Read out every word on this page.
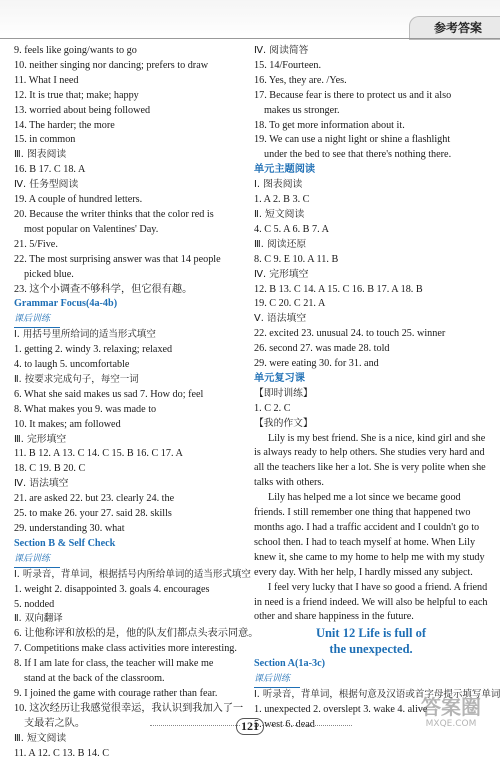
参考答案
9. feels like going/wants to go
10. neither singing nor dancing; prefers to draw
11. What I need
12. It is true that; make; happy
13. worried about being followed
14. The harder; the more
15. in common
Ⅲ. 图表阅读
16. B 17. C 18. A
Ⅳ. 任务型阅读
19. A couple of hundred letters.
20. Because the writer thinks that the color red is
most popular on Valentines' Day.
21. 5/Five.
22. The most surprising answer was that 14 people
picked blue.
23. 这个小调查不够科学，但它很有趣。
Grammar Focus(4a-4b)
课后训练
Ⅰ. 用括号里所给词的适当形式填空
1. getting 2. windy 3. relaxing; relaxed
4. to laugh 5. uncomfortable
Ⅱ. 按要求完成句子，每空一词
6. What she said makes us sad 7. How do; feel
8. What makes you 9. was made to
10. It makes; am followed
Ⅲ. 完形填空
11. B 12. A 13. C 14. C 15. B 16. C 17. A
18. C 19. B 20. C
Ⅳ. 语法填空
21. are asked 22. but 23. clearly 24. the
25. to make 26. your 27. said 28. skills
29. understanding 30. what
Section B & Self Check
课后训练
Ⅰ. 听录音，背单词，根据括号内所给单词的适当形式填空
1. weight 2. disappointed 3. goals 4. encourages
5. nodded
Ⅱ. 双向翻译
6. 让他称评和放松的是，他的队友们都点头表示同意。
7. Competitions make class activities more interesting.
8. If I am late for class, the teacher will make me
stand at the back of the classroom.
9. I joined the game with courage rather than fear.
10. 这次经历让我感觉很幸运，我认识到我加入了一
支最若之队。
Ⅲ. 短文阅读
11. A 12. C 13. B 14. C
Ⅳ. 阅读简答
15. 14/Fourteen.
16. Yes, they are. /Yes.
17. Because fear is there to protect us and it also
makes us stronger.
18. To get more information about it.
19. We can use a night light or shine a flashlight
under the bed to see that there's nothing there.
单元主题阅读
Ⅰ. 图表阅读
1. A 2. B 3. C
Ⅱ. 短文阅读
4. C 5. A 6. B 7. A
Ⅲ. 阅读还原
8. C 9. E 10. A 11. B
Ⅳ. 完形填空
12. B 13. C 14. A 15. C 16. B 17. A 18. B
19. C 20. C 21. A
Ⅴ. 语法填空
22. excited 23. unusual 24. to touch 25. winner
26. second 27. was made 28. told
29. were eating 30. for 31. and
单元复习课
【即时训练】
1. C 2. C
【我的作文】
Lily is my best friend. She is a nice, kind girl and she is always ready to help others. She studies very hard and all the teachers like her a lot. She is very polite when she talks with others.
Lily has helped me a lot since we became good friends. I still remember one thing that happened two months ago. I had a traffic accident and I couldn't go to school then. I had to teach myself at home. When Lily knew it, she came to my home to help me with my study every day. With her help, I hardly missed any subject.
I feel very lucky that I have so good a friend. A friend in need is a friend indeed. We will also be helpful to each other and share happiness in the future.
Unit 12 Life is full of
the unexpected.
Section A(1a-3c)
课后训练
Ⅰ. 听录音，背单词，根据句意及汉语或首字母提示填写单词
1. unexpected 2. overslept 3. wake 4. alive
5. west 6. dead
121
答案圈
MXQE.COM
